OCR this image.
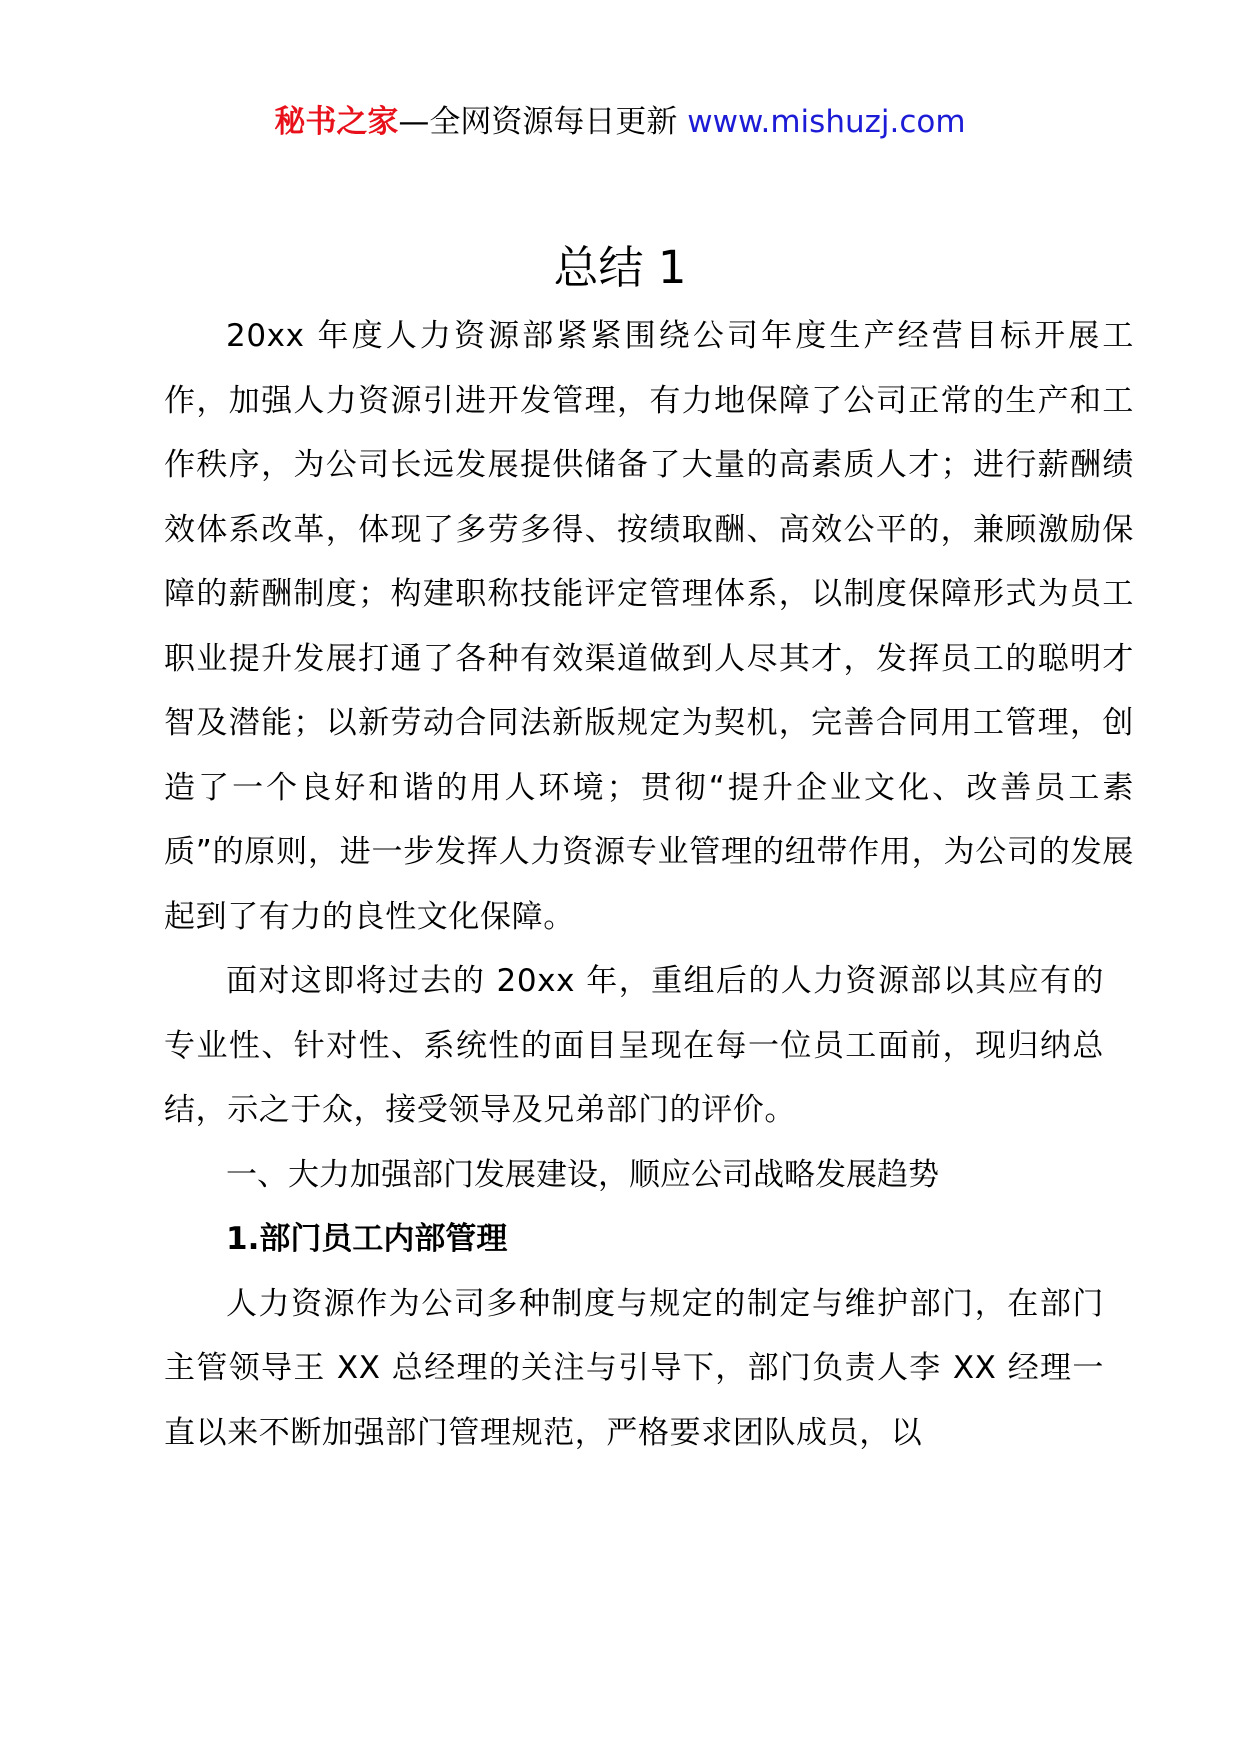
秘书之家—全网资源每日更新 www.mishuzj.com
总结 1

20xx 年度人力资源部紧紧围绕公司年度生产经营目标开展工作，加强人力资源引进开发管理，有力地保障了公司正常的生产和工作秩序，为公司长远发展提供储备了大量的高素质人才；进行薪酬绩效体系改革，体现了多劳多得、按绩取酬、高效公平的，兼顾激励保障的薪酬制度；构建职称技能评定管理体系，以制度保障形式为员工职业提升发展打通了各种有效渠道做到人尽其才，发挥员工的聪明才智及潜能；以新劳动合同法新版规定为契机，完善合同用工管理，创造了一个良好和谐的用人环境；贯彻“提升企业文化、改善员工素质”的原则，进一步发挥人力资源专业管理的纽带作用，为公司的发展起到了有力的良性文化保障。

面对这即将过去的 20xx 年，重组后的人力资源部以其应有的专业性、针对性、系统性的面目呈现在每一位员工面前，现归纳总结，示之于众，接受领导及兄弟部门的评价。

一、大力加强部门发展建设，顺应公司战略发展趋势

1.部门员工内部管理

人力资源作为公司多种制度与规定的制定与维护部门，在部门主管领导王 XX 总经理的关注与引导下，部门负责人李 XX 经理一直以来不断加强部门管理规范，严格要求团队成员，以
